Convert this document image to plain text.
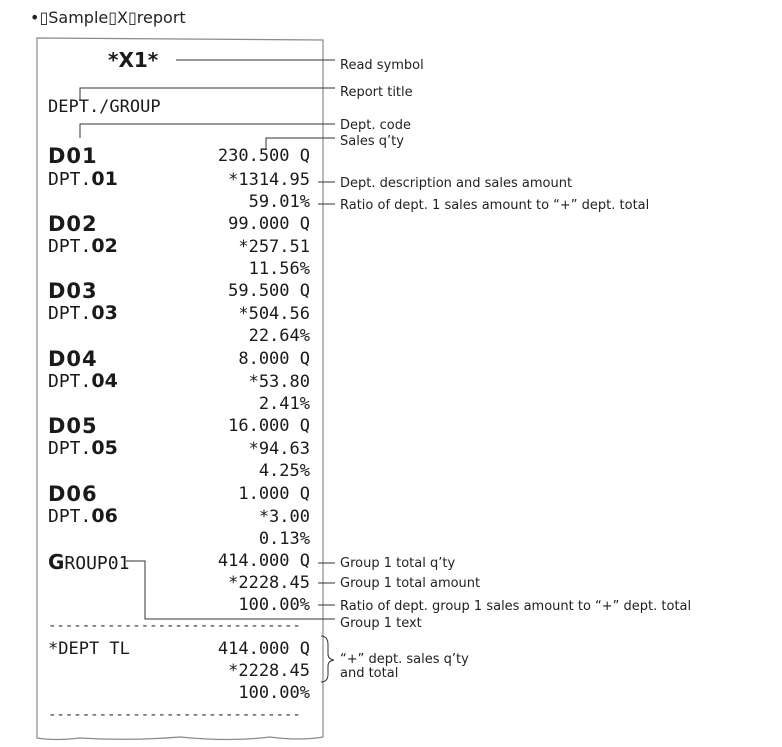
•▯Sample▯X▯report
*X1*
DEPT./GROUP
D01
DPT.01
230.500 Q
*1314.95
59.01%
D02
DPT.02
99.000 Q
*257.51
11.56%
D03
DPT.03
59.500 Q
*504.56
22.64%
D04
DPT.04
8.000 Q
*53.80
2.41%
D05
DPT.05
16.000 Q
*94.63
4.25%
D06
DPT.06
1.000 Q
*3.00
0.13%
GROUP01	414.000 Q
*2228.45
100.00%
------------------------------
*DEPT TL	414.000 Q
*2228.45
100.00%
------------------------------
Read symbol
Report title
Dept. code
Sales q’ty
Dept. description and sales amount
Ratio of dept. 1 sales amount to “+” dept. total
Group 1 total q’ty
Group 1 total amount
Ratio of dept. group 1 sales amount to “+” dept. total
Group 1 text
“+” dept. sales q’ty
and total
